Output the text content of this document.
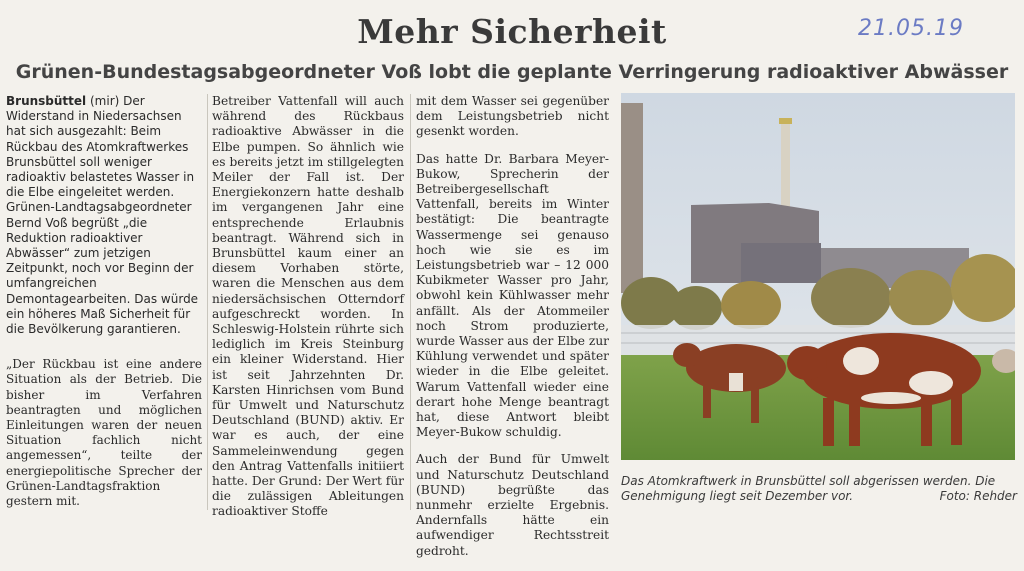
Mehr Sicherheit	21.05.19
Grünen-Bundestagsabgeordneter Voß lobt die geplante Verringerung radioaktiver Abwässer

Brunsbüttel (mir) Der Widerstand in Niedersachsen hat sich ausgezahlt: Beim Rückbau des Atomkraftwerkes Brunsbüttel soll weniger radioaktiv belastetes Wasser in die Elbe eingeleitet werden. Grünen-Landtagsabgeordneter Bernd Voß begrüßt „die Reduktion radioaktiver Abwässer“ zum jetzigen Zeitpunkt, noch vor Beginn der umfangreichen Demontagearbeiten. Das würde ein höheres Maß Sicherheit für die Bevölkerung garantieren.

„Der Rückbau ist eine andere Situation als der Betrieb. Die bisher im Verfahren beantragten und möglichen Einleitungen waren der neuen Situation fachlich nicht angemessen“, teilte der energiepolitische Sprecher der Grünen-Landtagsfraktion gestern mit.

Betreiber Vattenfall will auch während des Rückbaus radioaktive Abwässer in die Elbe pumpen. So ähnlich wie es bereits jetzt im stillgelegten Meiler der Fall ist. Der Energiekonzern hatte deshalb im vergangenen Jahr eine entsprechende Erlaubnis beantragt. Während sich in Brunsbüttel kaum einer an diesem Vorhaben störte, waren die Menschen aus dem niedersächsischen Otterndorf aufgeschreckt worden. In Schleswig-Holstein rührte sich lediglich im Kreis Steinburg ein kleiner Widerstand. Hier ist seit Jahrzehnten Dr. Karsten Hinrichsen vom Bund für Umwelt und Naturschutz Deutschland (BUND) aktiv. Er war es auch, der eine Sammeleinwendung gegen den Antrag Vattenfalls initiiert hatte. Der Grund: Der Wert für die zulässigen Ableitungen radioaktiver Stoffe

mit dem Wasser sei gegenüber dem Leistungsbetrieb nicht gesenkt worden.

Das hatte Dr. Barbara Meyer-Bukow, Sprecherin der Betreibergesellschaft Vattenfall, bereits im Winter bestätigt: Die beantragte Wassermenge sei genauso hoch wie sie es im Leistungsbetrieb war – 12 000 Kubikmeter Wasser pro Jahr, obwohl kein Kühlwasser mehr anfällt. Als der Atommeiler noch Strom produzierte, wurde Wasser aus der Elbe zur Kühlung verwendet und später wieder in die Elbe geleitet. Warum Vattenfall wieder eine derart hohe Menge beantragt hat, diese Antwort bleibt Meyer-Bukow schuldig.

Auch der Bund für Umwelt und Naturschutz Deutschland (BUND) begrüßte das nunmehr erzielte Ergebnis. Andernfalls hätte ein aufwendiger Rechtsstreit gedroht.

Das Atomkraftwerk in Brunsbüttel soll abgerissen werden. Die Genehmigung liegt seit Dezember vor.	Foto: Rehder
